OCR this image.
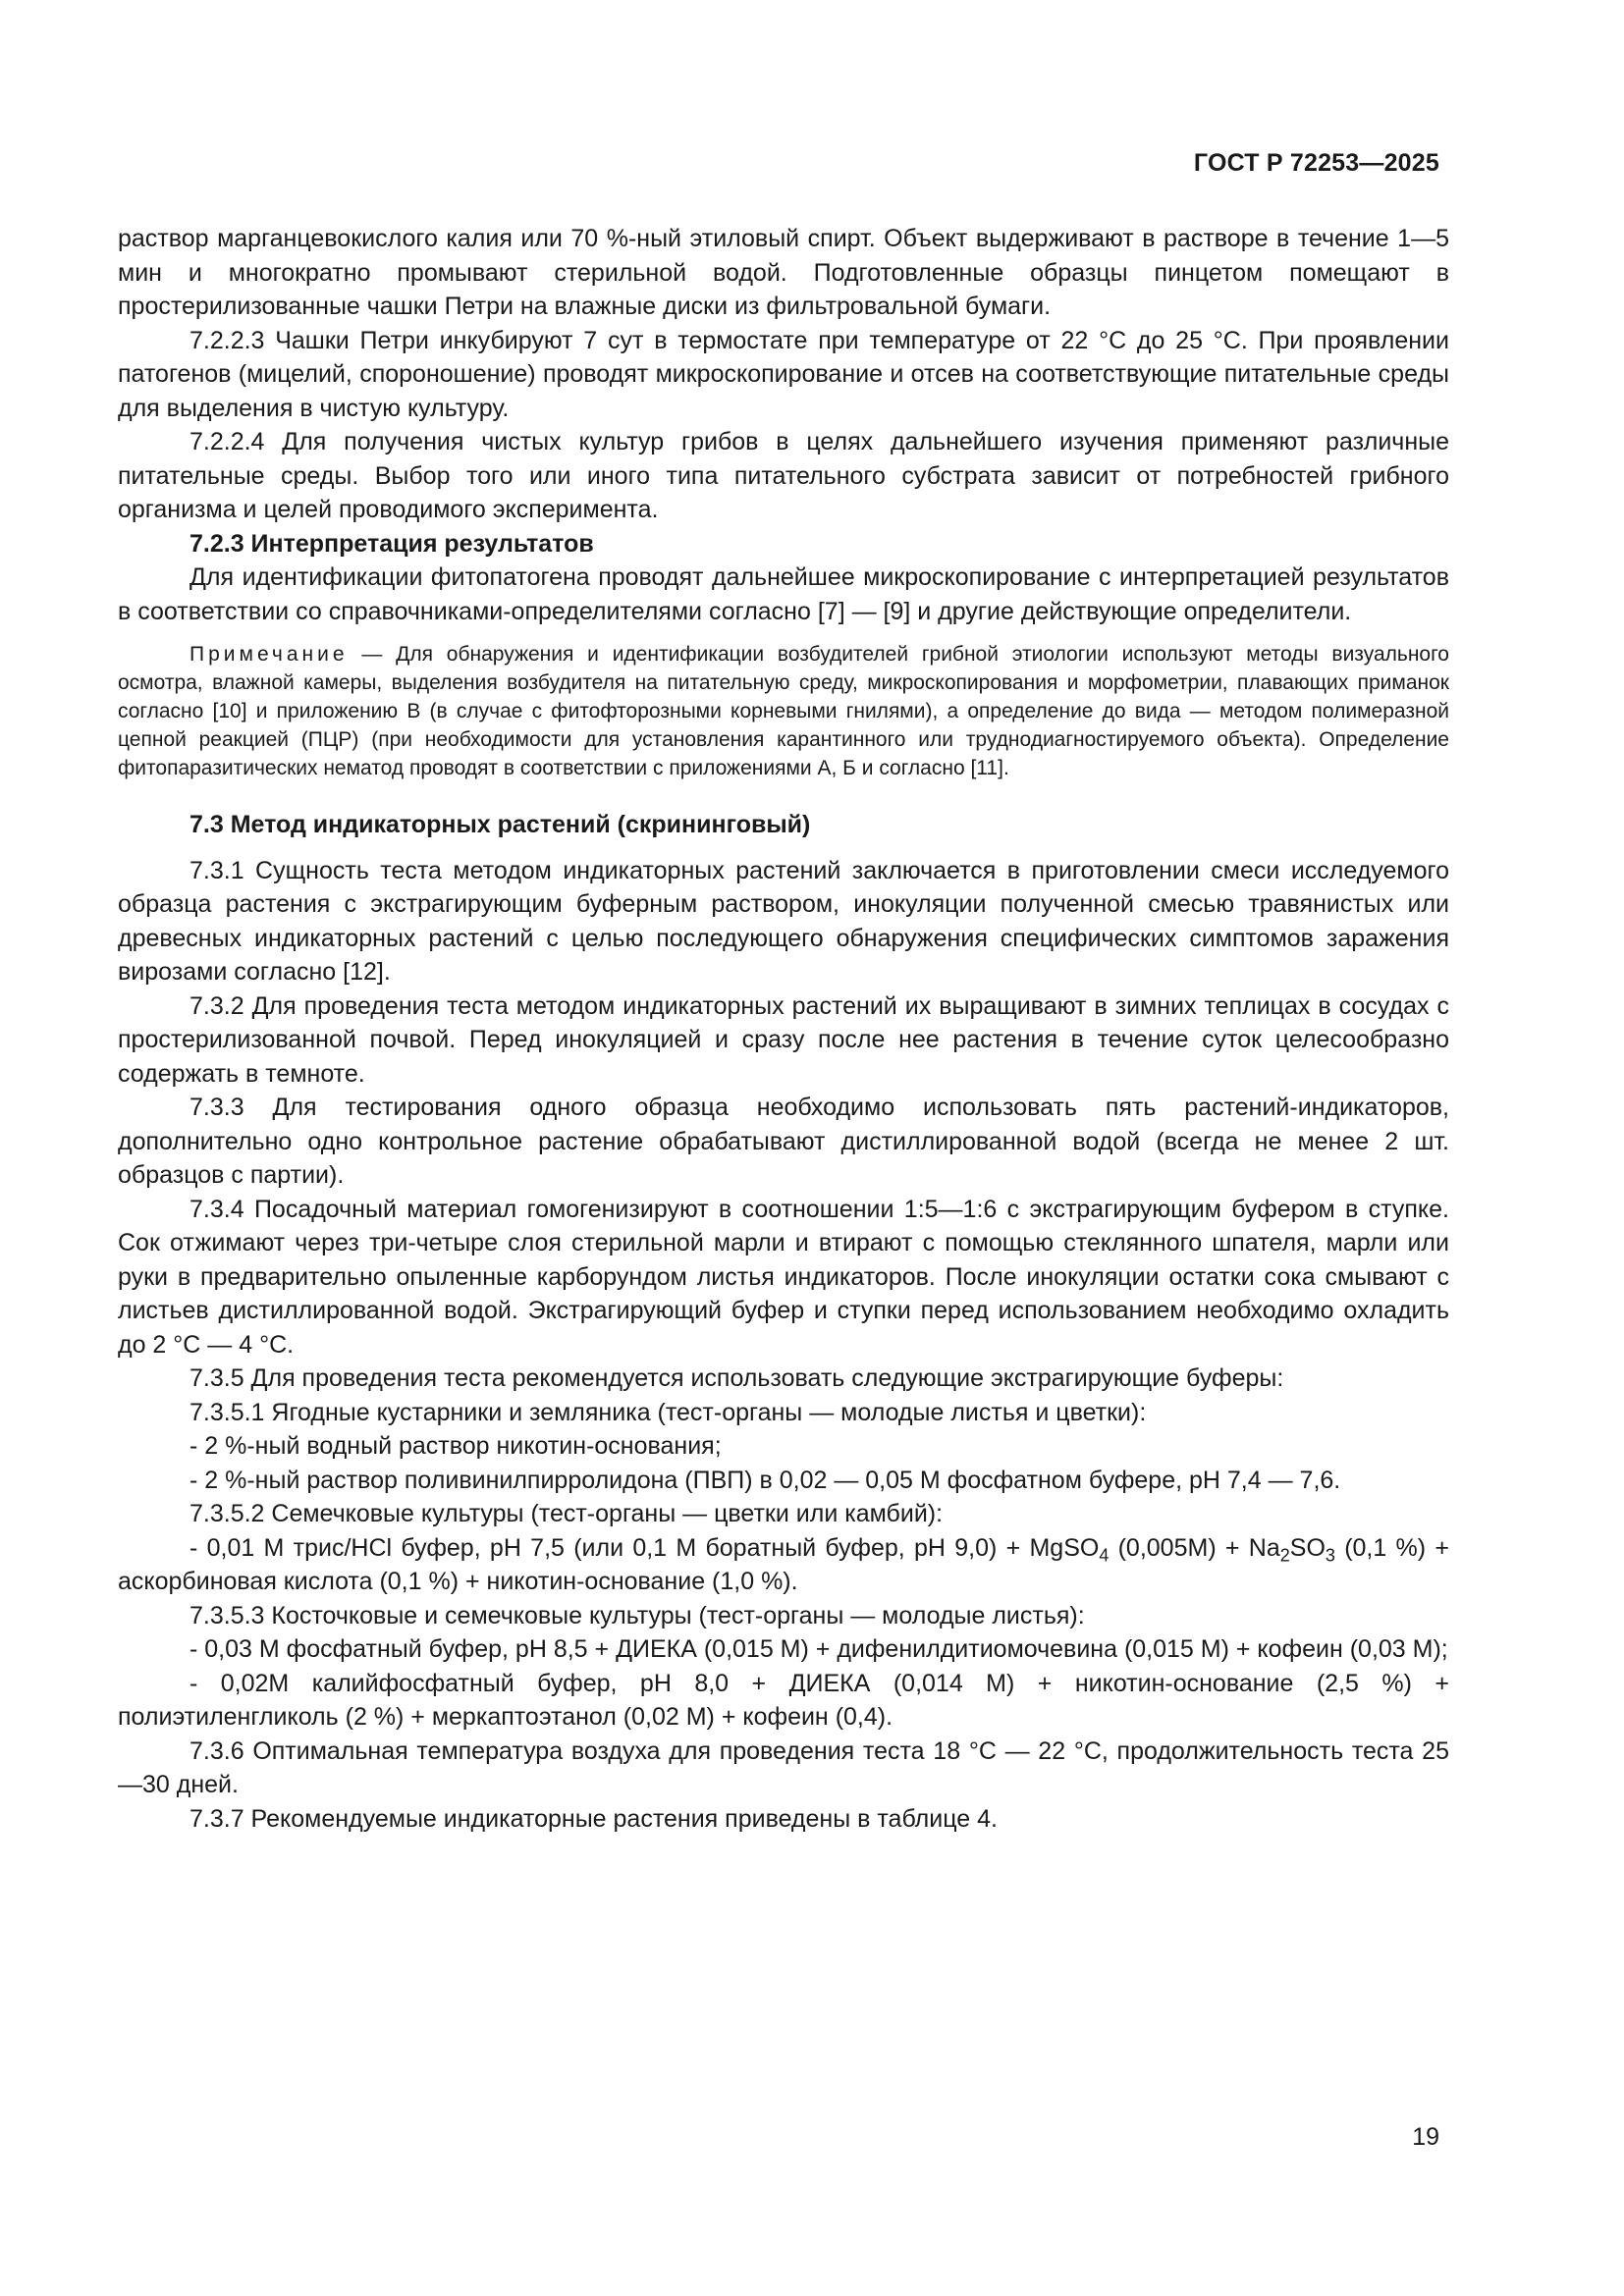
ГОСТ Р 72253—2025

раствор марганцевокислого калия или 70 %-ный этиловый спирт. Объект выдерживают в растворе в течение 1—5 мин и многократно промывают стерильной водой. Подготовленные образцы пинцетом помещают в простерилизованные чашки Петри на влажные диски из фильтровальной бумаги.

7.2.2.3 Чашки Петри инкубируют 7 сут в термостате при температуре от 22 °С до 25 °С. При проявлении патогенов (мицелий, спороношение) проводят микроскопирование и отсев на соответствующие питательные среды для выделения в чистую культуру.

7.2.2.4 Для получения чистых культур грибов в целях дальнейшего изучения применяют различные питательные среды. Выбор того или иного типа питательного субстрата зависит от потребностей грибного организма и целей проводимого эксперимента.

7.2.3 Интерпретация результатов

Для идентификации фитопатогена проводят дальнейшее микроскопирование с интерпретацией результатов в соответствии со справочниками-определителями согласно [7] — [9] и другие действующие определители.

Примечание — Для обнаружения и идентификации возбудителей грибной этиологии используют методы визуального осмотра, влажной камеры, выделения возбудителя на питательную среду, микроскопирования и морфометрии, плавающих приманок согласно [10] и приложению В (в случае с фитофторозными корневыми гнилями), а определение до вида — методом полимеразной цепной реакцией (ПЦР) (при необходимости для установления карантинного или труднодиагностируемого объекта). Определение фитопаразитических нематод проводят в соответствии с приложениями А, Б и согласно [11].

7.3 Метод индикаторных растений (скрининговый)

7.3.1 Сущность теста методом индикаторных растений заключается в приготовлении смеси исследуемого образца растения с экстрагирующим буферным раствором, инокуляции полученной смесью травянистых или древесных индикаторных растений с целью последующего обнаружения специфических симптомов заражения вирозами согласно [12].

7.3.2 Для проведения теста методом индикаторных растений их выращивают в зимних теплицах в сосудах с простерилизованной почвой. Перед инокуляцией и сразу после нее растения в течение суток целесообразно содержать в темноте.

7.3.3 Для тестирования одного образца необходимо использовать пять растений-индикаторов, дополнительно одно контрольное растение обрабатывают дистиллированной водой (всегда не менее 2 шт. образцов с партии).

7.3.4 Посадочный материал гомогенизируют в соотношении 1:5—1:6 с экстрагирующим буфером в ступке. Сок отжимают через три-четыре слоя стерильной марли и втирают с помощью стеклянного шпателя, марли или руки в предварительно опыленные карборундом листья индикаторов. После инокуляции остатки сока смывают с листьев дистиллированной водой. Экстрагирующий буфер и ступки перед использованием необходимо охладить до 2 °С — 4 °С.

7.3.5 Для проведения теста рекомендуется использовать следующие экстрагирующие буферы:

7.3.5.1 Ягодные кустарники и земляника (тест-органы — молодые листья и цветки):

- 2 %-ный водный раствор никотин-основания;

- 2 %-ный раствор поливинилпирролидона (ПВП) в 0,02 — 0,05 М фосфатном буфере, рН 7,4 — 7,6.

7.3.5.2 Семечковые культуры (тест-органы — цветки или камбий):

- 0,01 М трис/HCl буфер, рН 7,5 (или 0,1 М боратный буфер, рН 9,0) + MgSO$_4$ $(0,005М) + Na_2SO_3$ (0,1 %) + аскорбиновая кислота (0,1 %) + никотин-основание (1,0 %).

7.3.5.3 Косточковые и семечковые культуры (тест-органы — молодые листья):

- 0,03 М фосфатный буфер, рН 8,5 + ДИЕКА (0,015 М) + дифенилдитиомочевина (0,015 М) + кофеин (0,03 М);

- 0,02М калийфосфатный буфер, рН 8,0 + ДИЕКА (0,014 М) + никотин-основание (2,5 %) + полиэтиленгликоль (2 %) + меркаптоэтанол (0,02 М) + кофеин (0,4).

7.3.6 Оптимальная температура воздуха для проведения теста 18 °С — 22 °С, продолжительность теста 25—30 дней.

7.3.7 Рекомендуемые индикаторные растения приведены в таблице 4.

19
